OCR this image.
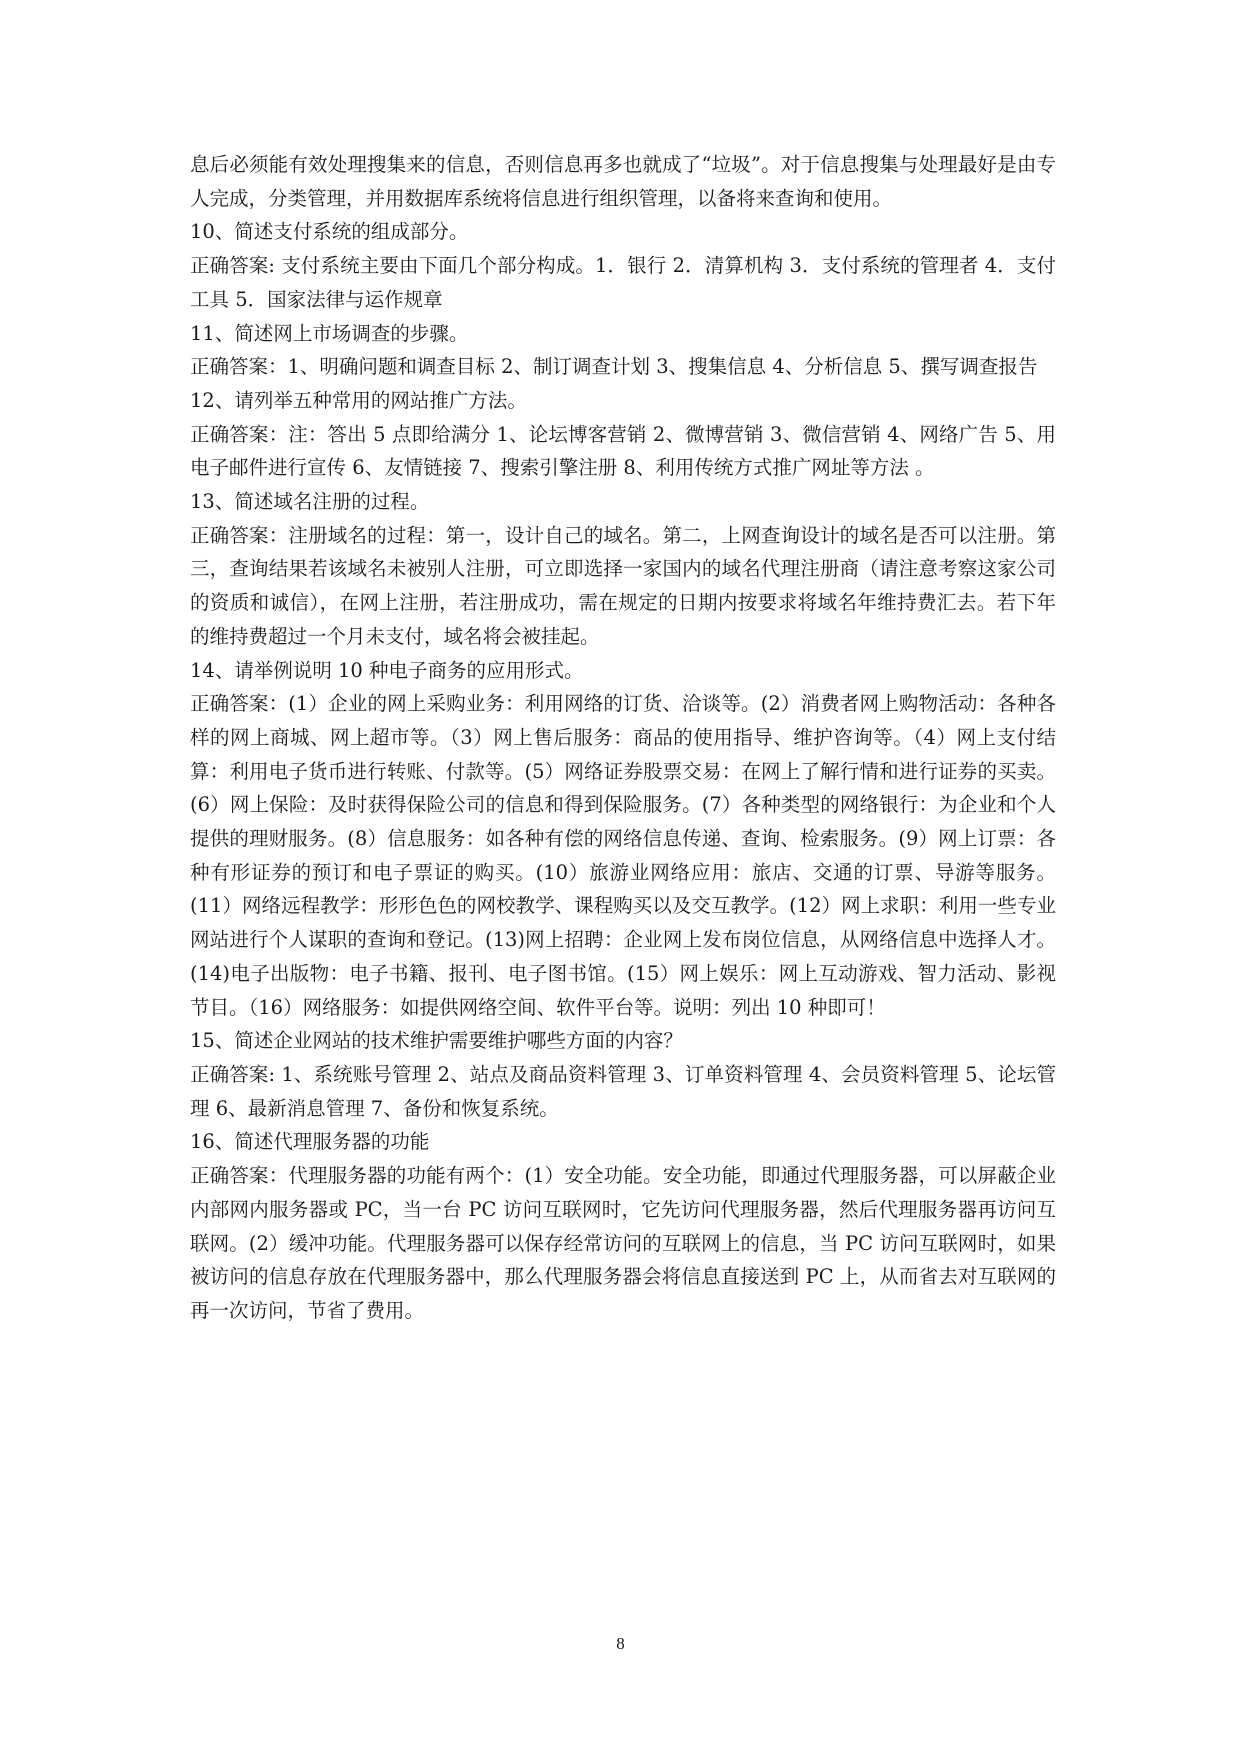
息后必须能有效处理搜集来的信息，否则信息再多也就成了“垃圾”。对于信息搜集与处理最好是由专人完成，分类管理，并用数据库系统将信息进行组织管理，以备将来查询和使用。

10、简述支付系统的组成部分。

正确答案: 支付系统主要由下面几个部分构成。1．银行 2．清算机构 3．支付系统的管理者 4．支付工具 5．国家法律与运作规章

11、简述网上市场调查的步骤。

正确答案：1、明确问题和调查目标 2、制订调查计划 3、搜集信息 4、分析信息 5、撰写调查报告

12、请列举五种常用的网站推广方法。

正确答案：注：答出 5 点即给满分 1、论坛博客营销 2、微博营销 3、微信营销 4、网络广告 5、用电子邮件进行宣传 6、友情链接 7、搜索引擎注册 8、利用传统方式推广网址等方法 。

13、简述域名注册的过程。

正确答案：注册域名的过程：第一，设计自己的域名。第二，上网查询设计的域名是否可以注册。第三，查询结果若该域名未被别人注册，可立即选择一家国内的域名代理注册商（请注意考察这家公司的资质和诚信），在网上注册，若注册成功，需在规定的日期内按要求将域名年维持费汇去。若下年的维持费超过一个月未支付，域名将会被挂起。

14、请举例说明 10 种电子商务的应用形式。

正确答案：(1）企业的网上采购业务：利用网络的订货、洽谈等。(2）消费者网上购物活动：各种各样的网上商城、网上超市等。（3）网上售后服务：商品的使用指导、维护咨询等。（4）网上支付结算：利用电子货币进行转账、付款等。(5）网络证券股票交易：在网上了解行情和进行证券的买卖。(6）网上保险：及时获得保险公司的信息和得到保险服务。(7）各种类型的网络银行：为企业和个人提供的理财服务。(8）信息服务：如各种有偿的网络信息传递、查询、检索服务。(9）网上订票：各种有形证券的预订和电子票证的购买。(10）旅游业网络应用：旅店、交通的订票、导游等服务。(11）网络远程教学：形形色色的网校教学、课程购买以及交互教学。(12）网上求职：利用一些专业网站进行个人谋职的查询和登记。(13)网上招聘：企业网上发布岗位信息，从网络信息中选择人才。(14)电子出版物：电子书籍、报刊、电子图书馆。(15）网上娱乐：网上互动游戏、智力活动、影视节目。（16）网络服务：如提供网络空间、软件平台等。说明：列出 10 种即可！

15、简述企业网站的技术维护需要维护哪些方面的内容？

正确答案: 1、系统账号管理 2、站点及商品资料管理 3、订单资料管理 4、会员资料管理 5、论坛管理 6、最新消息管理 7、备份和恢复系统。

16、简述代理服务器的功能

正确答案：代理服务器的功能有两个：(1）安全功能。安全功能，即通过代理服务器，可以屏蔽企业内部网内服务器或 PC，当一台 PC 访问互联网时，它先访问代理服务器，然后代理服务器再访问互联网。(2）缓冲功能。代理服务器可以保存经常访问的互联网上的信息，当 PC 访问互联网时，如果被访问的信息存放在代理服务器中，那么代理服务器会将信息直接送到 PC 上，从而省去对互联网的再一次访问，节省了费用。

8
